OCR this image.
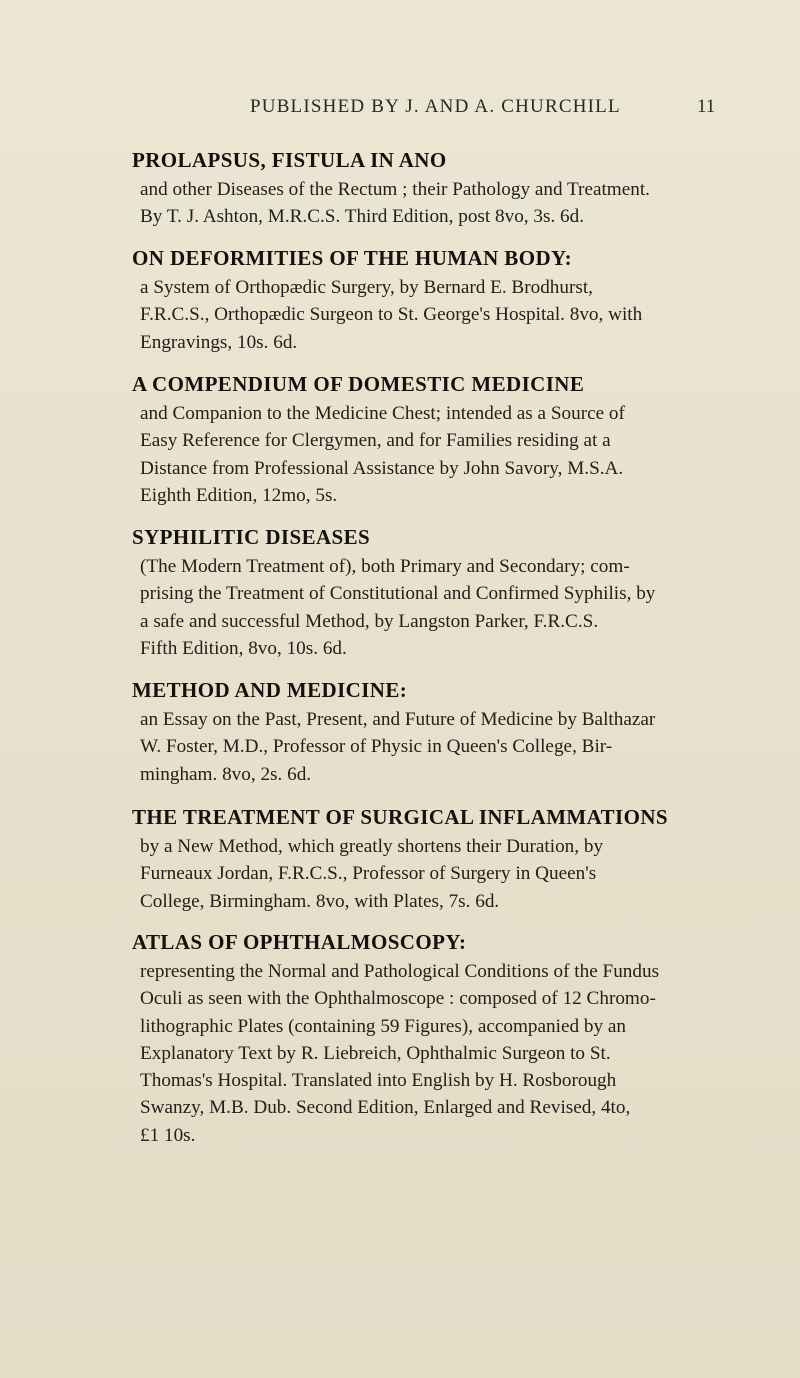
PUBLISHED BY J. AND A. CHURCHILL	11
PROLAPSUS, FISTULA IN ANO
and other Diseases of the Rectum ; their Pathology and Treatment.
By T. J. Ashton, M.R.C.S. Third Edition, post 8vo, 3s. 6d.
ON DEFORMITIES OF THE HUMAN BODY:
a System of Orthopædic Surgery, by Bernard E. Brodhurst,
F.R.C.S., Orthopædic Surgeon to St. George's Hospital. 8vo, with
Engravings, 10s. 6d.
A COMPENDIUM OF DOMESTIC MEDICINE
and Companion to the Medicine Chest; intended as a Source of
Easy Reference for Clergymen, and for Families residing at a
Distance from Professional Assistance by John Savory, M.S.A.
Eighth Edition, 12mo, 5s.
SYPHILITIC DISEASES
(The Modern Treatment of), both Primary and Secondary; com-
prising the Treatment of Constitutional and Confirmed Syphilis, by
a safe and successful Method, by Langston Parker, F.R.C.S.
Fifth Edition, 8vo, 10s. 6d.
METHOD AND MEDICINE:
an Essay on the Past, Present, and Future of Medicine by Balthazar
W. Foster, M.D., Professor of Physic in Queen's College, Bir-
mingham. 8vo, 2s. 6d.
THE TREATMENT OF SURGICAL INFLAMMATIONS
by a New Method, which greatly shortens their Duration, by
Furneaux Jordan, F.R.C.S., Professor of Surgery in Queen's
College, Birmingham. 8vo, with Plates, 7s. 6d.
ATLAS OF OPHTHALMOSCOPY:
representing the Normal and Pathological Conditions of the Fundus
Oculi as seen with the Ophthalmoscope : composed of 12 Chromo-
lithographic Plates (containing 59 Figures), accompanied by an
Explanatory Text by R. Liebreich, Ophthalmic Surgeon to St.
Thomas's Hospital. Translated into English by H. Rosborough
Swanzy, M.B. Dub. Second Edition, Enlarged and Revised, 4to,
£1 10s.
